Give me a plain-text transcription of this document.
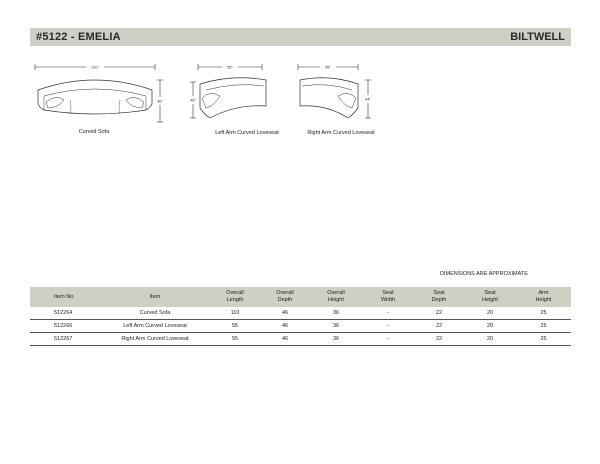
#5122 - EMELIA	BILTWELL
110"
46"
Curved Sofa
55"
46"
Left Arm Curved Loveseat
55"
44"
Right Arm Curved Loveseat
DIMENSIONS ARE APPROXIMATE
Item No.	Item	Overall Length	Overall Depth	Overall Height	Seat Width	Seat Depth	Seat Height	Arm Height
512264	Curved Sofa	110	46	36	-	22	20	25
512266	Left Arm Curved Loveseat	55	46	36	-	22	20	25
512267	Right Arm Curved Loveseat	55	46	36	-	22	20	25
